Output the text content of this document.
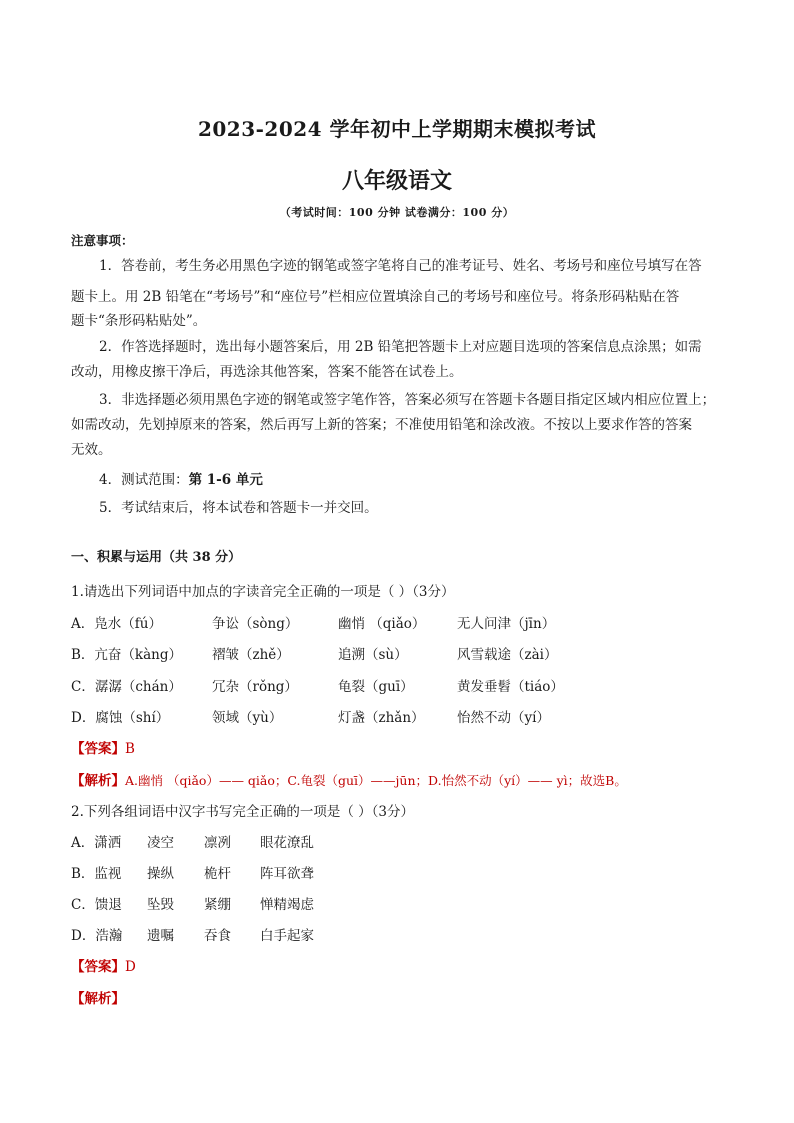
2023-2024 学年初中上学期期末模拟考试
八年级语文
（考试时间：100 分钟 试卷满分：100 分）
注意事项：
1．答卷前，考生务必用黑色字迹的钢笔或签字笔将自己的准考证号、姓名、考场号和座位号填写在答
题卡上。用 2B 铅笔在“考场号”和“座位号”栏相应位置填涂自己的考场号和座位号。将条形码粘贴在答
题卡“条形码粘贴处”。
2．作答选择题时，选出每小题答案后，用 2B 铅笔把答题卡上对应题目选项的答案信息点涂黑；如需
改动，用橡皮擦干净后，再选涂其他答案，答案不能答在试卷上。
3．非选择题必须用黑色字迹的钢笔或签字笔作答，答案必须写在答题卡各题目指定区域内相应位置上；
如需改动，先划掉原来的答案，然后再写上新的答案；不准使用铅笔和涂改液。不按以上要求作答的答案
无效。
4．测试范围：第 1-6 单元
5．考试结束后，将本试卷和答题卡一并交回。
一、积累与运用（共 38 分）
1.请选出下列词语中加点的字读音完全正确的一项是（ ）（3分）
A．凫水（fú）	争讼（sòng）	幽悄 （qiǎo） 无人问津（jīn）
B．亢奋（kàng） 褶皱（zhě）	追溯（sù）	风雪载途（zài）
C．潺潺（chán） 冗杂（rǒng）	龟裂（guī）	黄发垂髫（tiáo）
D．腐蚀（shí）	领域（yù）	灯盏（zhǎn） 怡然不动（yí）
【答案】B
【解析】A.幽悄 （qiǎo）—— qiǎo；C.龟裂（guī）——jūn；D.怡然不动（yí）—— yì；故选B。
2.下列各组词语中汉字书写完全正确的一项是（ ）（3分）
A．潇洒 凌空 凛冽 眼花潦乱
B．监视 操纵 桅杆 阵耳欲聋
C．馈退 坠毁 紧绷 惮精竭虑
D．浩瀚 遗嘱 吞食 白手起家
【答案】D
【解析】
